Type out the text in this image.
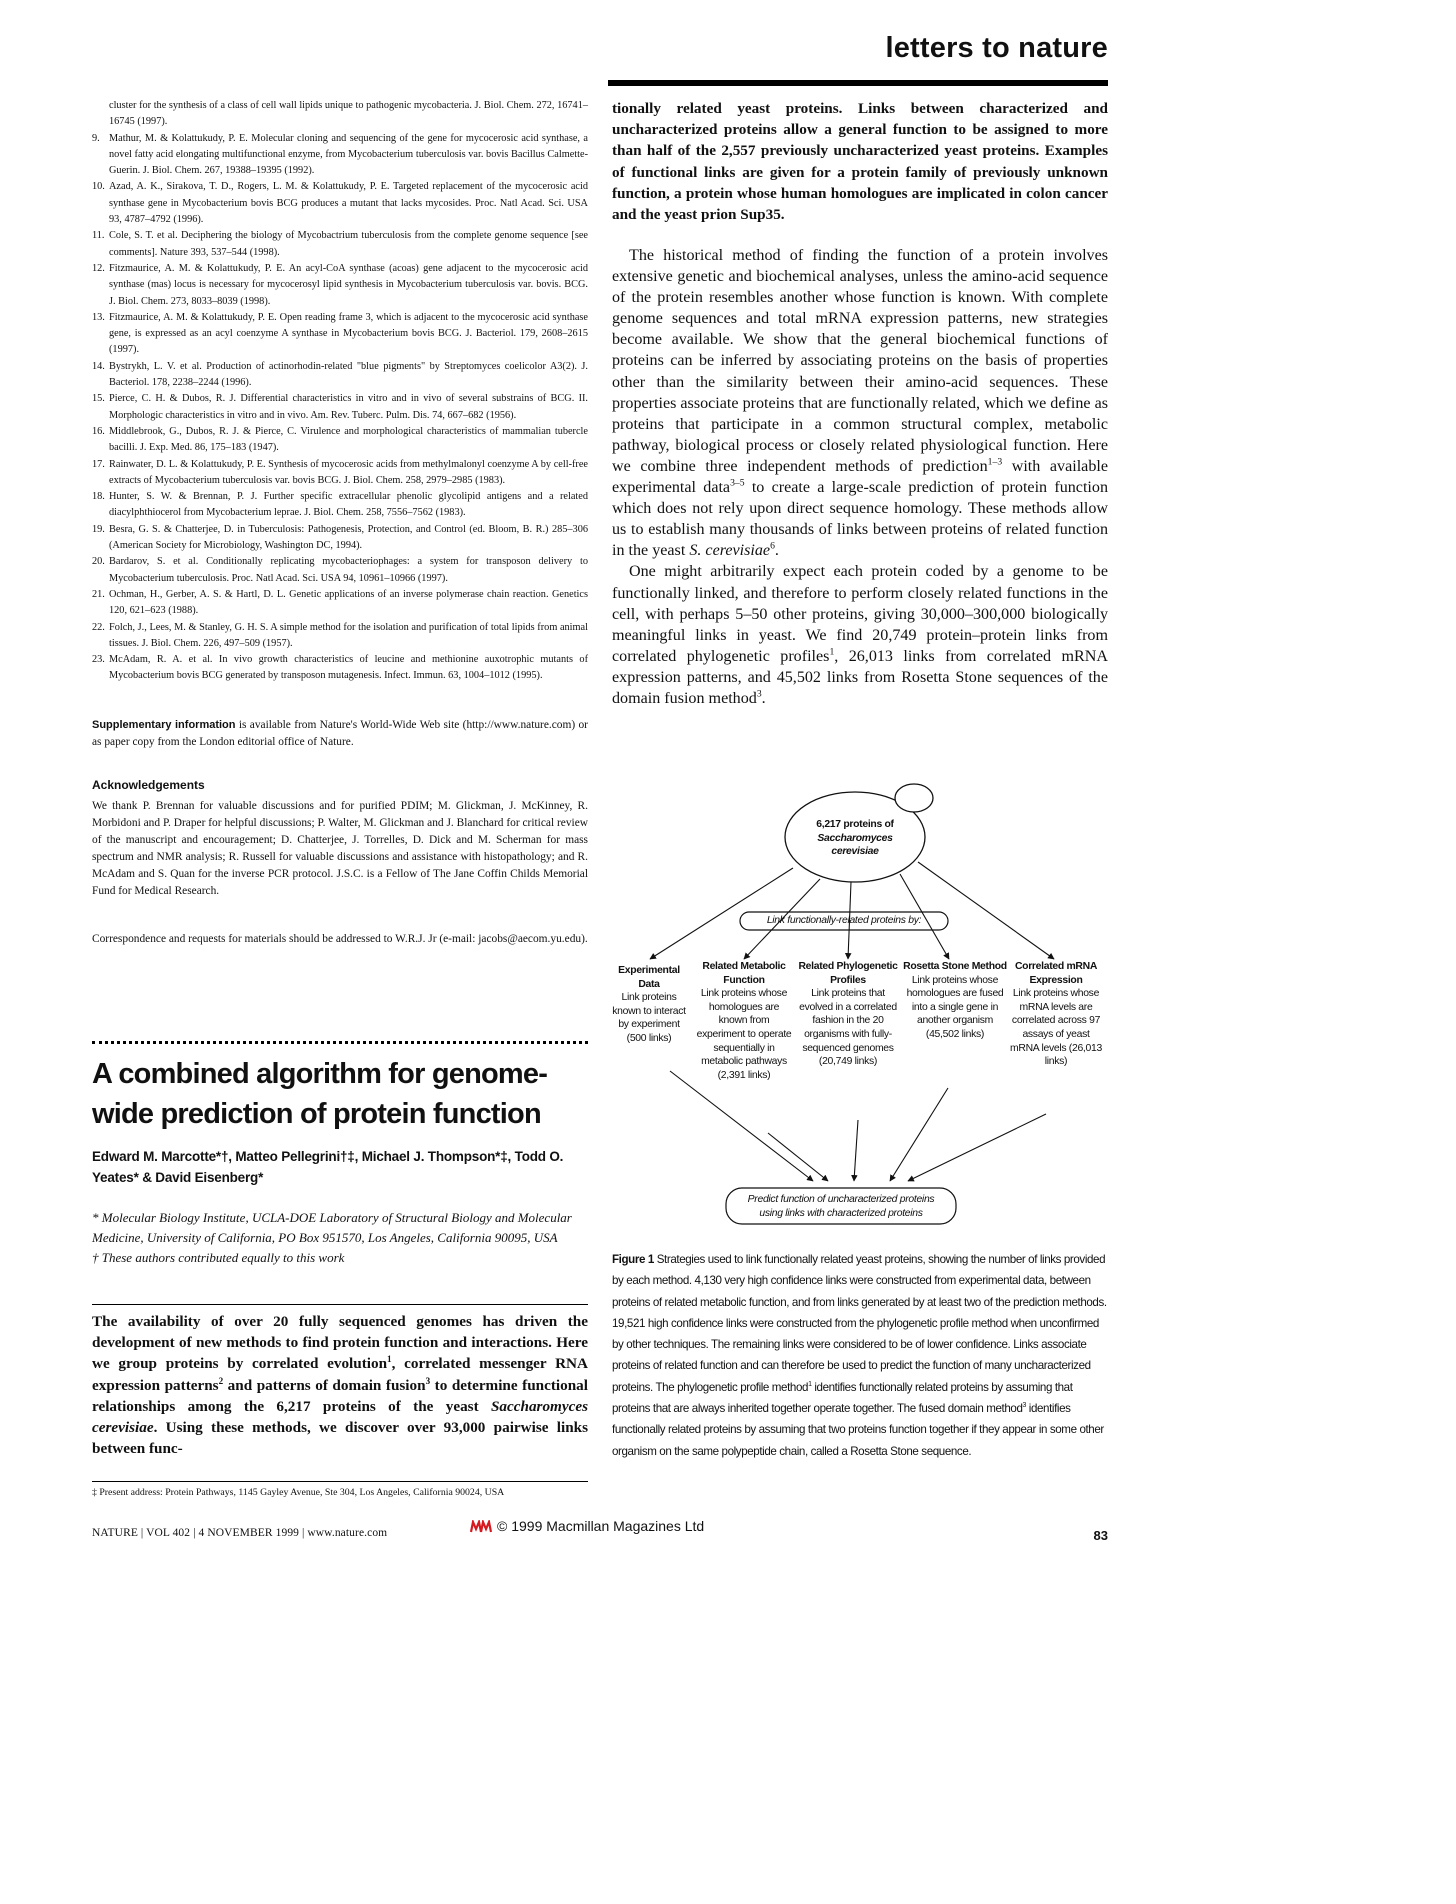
letters to nature
cluster for the synthesis of a class of cell wall lipids unique to pathogenic mycobacteria. J. Biol. Chem. 272, 16741–16745 (1997).
9. Mathur, M. & Kolattukudy, P. E. Molecular cloning and sequencing of the gene for mycocerosic acid synthase, a novel fatty acid elongating multifunctional enzyme, from Mycobacterium tuberculosis var. bovis Bacillus Calmette-Guerin. J. Biol. Chem. 267, 19388–19395 (1992).
10. Azad, A. K., Sirakova, T. D., Rogers, L. M. & Kolattukudy, P. E. Targeted replacement of the mycocerosic acid synthase gene in Mycobacterium bovis BCG produces a mutant that lacks mycosides. Proc. Natl Acad. Sci. USA 93, 4787–4792 (1996).
11. Cole, S. T. et al. Deciphering the biology of Mycobactrium tuberculosis from the complete genome sequence [see comments]. Nature 393, 537–544 (1998).
12. Fitzmaurice, A. M. & Kolattukudy, P. E. An acyl-CoA synthase (acoas) gene adjacent to the mycocerosic acid synthase (mas) locus is necessary for mycocerosyl lipid synthesis in Mycobacterium tuberculosis var. bovis. BCG. J. Biol. Chem. 273, 8033–8039 (1998).
13. Fitzmaurice, A. M. & Kolattukudy, P. E. Open reading frame 3, which is adjacent to the mycocerosic acid synthase gene, is expressed as an acyl coenzyme A synthase in Mycobacterium bovis BCG. J. Bacteriol. 179, 2608–2615 (1997).
14. Bystrykh, L. V. et al. Production of actinorhodin-related "blue pigments" by Streptomyces coelicolor A3(2). J. Bacteriol. 178, 2238–2244 (1996).
15. Pierce, C. H. & Dubos, R. J. Differential characteristics in vitro and in vivo of several substrains of BCG. II. Morphologic characteristics in vitro and in vivo. Am. Rev. Tuberc. Pulm. Dis. 74, 667–682 (1956).
16. Middlebrook, G., Dubos, R. J. & Pierce, C. Virulence and morphological characteristics of mammalian tubercle bacilli. J. Exp. Med. 86, 175–183 (1947).
17. Rainwater, D. L. & Kolattukudy, P. E. Synthesis of mycocerosic acids from methylmalonyl coenzyme A by cell-free extracts of Mycobacterium tuberculosis var. bovis BCG. J. Biol. Chem. 258, 2979–2985 (1983).
18. Hunter, S. W. & Brennan, P. J. Further specific extracellular phenolic glycolipid antigens and a related diacylphthiocerol from Mycobacterium leprae. J. Biol. Chem. 258, 7556–7562 (1983).
19. Besra, G. S. & Chatterjee, D. in Tuberculosis: Pathogenesis, Protection, and Control (ed. Bloom, B. R.) 285–306 (American Society for Microbiology, Washington DC, 1994).
20. Bardarov, S. et al. Conditionally replicating mycobacteriophages: a system for transposon delivery to Mycobacterium tuberculosis. Proc. Natl Acad. Sci. USA 94, 10961–10966 (1997).
21. Ochman, H., Gerber, A. S. & Hartl, D. L. Genetic applications of an inverse polymerase chain reaction. Genetics 120, 621–623 (1988).
22. Folch, J., Lees, M. & Stanley, G. H. S. A simple method for the isolation and purification of total lipids from animal tissues. J. Biol. Chem. 226, 497–509 (1957).
23. McAdam, R. A. et al. In vivo growth characteristics of leucine and methionine auxotrophic mutants of Mycobacterium bovis BCG generated by transposon mutagenesis. Infect. Immun. 63, 1004–1012 (1995).
Supplementary information is available from Nature's World-Wide Web site (http://www.nature.com) or as paper copy from the London editorial office of Nature.
Acknowledgements
We thank P. Brennan for valuable discussions and for purified PDIM; M. Glickman, J. McKinney, R. Morbidoni and P. Draper for helpful discussions; P. Walter, M. Glickman and J. Blanchard for critical review of the manuscript and encouragement; D. Chatterjee, J. Torrelles, D. Dick and M. Scherman for mass spectrum and NMR analysis; R. Russell for valuable discussions and assistance with histopathology; and R. McAdam and S. Quan for the inverse PCR protocol. J.S.C. is a Fellow of The Jane Coffin Childs Memorial Fund for Medical Research.
Correspondence and requests for materials should be addressed to W.R.J. Jr (e-mail: jacobs@aecom.yu.edu).
A combined algorithm for genome-wide prediction of protein function
Edward M. Marcotte*†, Matteo Pellegrini†‡, Michael J. Thompson*‡, Todd O. Yeates* & David Eisenberg*
* Molecular Biology Institute, UCLA-DOE Laboratory of Structural Biology and Molecular Medicine, University of California, PO Box 951570, Los Angeles, California 90095, USA
† These authors contributed equally to this work
The availability of over 20 fully sequenced genomes has driven the development of new methods to find protein function and interactions. Here we group proteins by correlated evolution$^1$, correlated messenger RNA expression patterns$^2$ and patterns of domain fusion$^3$ to determine functional relationships among the 6,217 proteins of the yeast Saccharomyces cerevisiae. Using these methods, we discover over 93,000 pairwise links between func-
‡ Present address: Protein Pathways, 1145 Gayley Avenue, Ste 304, Los Angeles, California 90024, USA
tionally related yeast proteins. Links between characterized and uncharacterized proteins allow a general function to be assigned to more than half of the 2,557 previously uncharacterized yeast proteins. Examples of functional links are given for a protein family of previously unknown function, a protein whose human homologues are implicated in colon cancer and the yeast prion Sup35.

The historical method of finding the function of a protein involves extensive genetic and biochemical analyses, unless the amino-acid sequence of the protein resembles another whose function is known. With complete genome sequences and total mRNA expression patterns, new strategies become available. We show that the general biochemical functions of proteins can be inferred by associating proteins on the basis of properties other than the similarity between their amino-acid sequences. These properties associate proteins that are functionally related, which we define as proteins that participate in a common structural complex, metabolic pathway, biological process or closely related physiological function. Here we combine three independent methods of prediction$^{1-3}$ with available experimental data$^{3-5}$ to create a large-scale prediction of protein function which does not rely upon direct sequence homology. These methods allow us to establish many thousands of links between proteins of related function in the yeast S. cerevisiae$^6$.

One might arbitrarily expect each protein coded by a genome to be functionally linked, and therefore to perform closely related functions in the cell, with perhaps 5–50 other proteins, giving 30,000–300,000 biologically meaningful links in yeast. We find 20,749 protein–protein links from correlated phylogenetic profiles$^1$, 26,013 links from correlated mRNA expression patterns, and 45,502 links from Rosetta Stone sequences of the domain fusion method$^3$.

6,217 proteins of
Saccharomyces
cerevisiae
Link functionally-related proteins by:
Experimental Data
Link proteins known to interact by experiment (500 links)
Related Metabolic Function
Link proteins whose homologues are known from experiment to operate sequentially in metabolic pathways (2,391 links)
Related Phylogenetic Profiles
Link proteins that evolved in a correlated fashion in the 20 organisms with fully-sequenced genomes (20,749 links)
Rosetta Stone Method
Link proteins whose homologues are fused into a single gene in another organism (45,502 links)
Correlated mRNA Expression
Link proteins whose mRNA levels are correlated across 97 assays of yeast mRNA levels (26,013 links)
Predict function of uncharacterized proteins
using links with characterized proteins
Figure 1 Strategies used to link functionally related yeast proteins, showing the number of links provided by each method. 4,130 very high confidence links were constructed from experimental data, between proteins of related metabolic function, and from links generated by at least two of the prediction methods. 19,521 high confidence links were constructed from the phylogenetic profile method when unconfirmed by other techniques. The remaining links were considered to be of lower confidence. Links associate proteins of related function and can therefore be used to predict the function of many uncharacterized proteins. The phylogenetic profile method$^1$ identifies functionally related proteins by assuming that proteins that are always inherited together operate together. The fused domain method$^3$ identifies functionally related proteins by assuming that two proteins function together if they appear in some other organism on the same polypeptide chain, called a Rosetta Stone sequence.
NATURE | VOL 402 | 4 NOVEMBER 1999 | www.nature.com	© 1999 Macmillan Magazines Ltd
83
